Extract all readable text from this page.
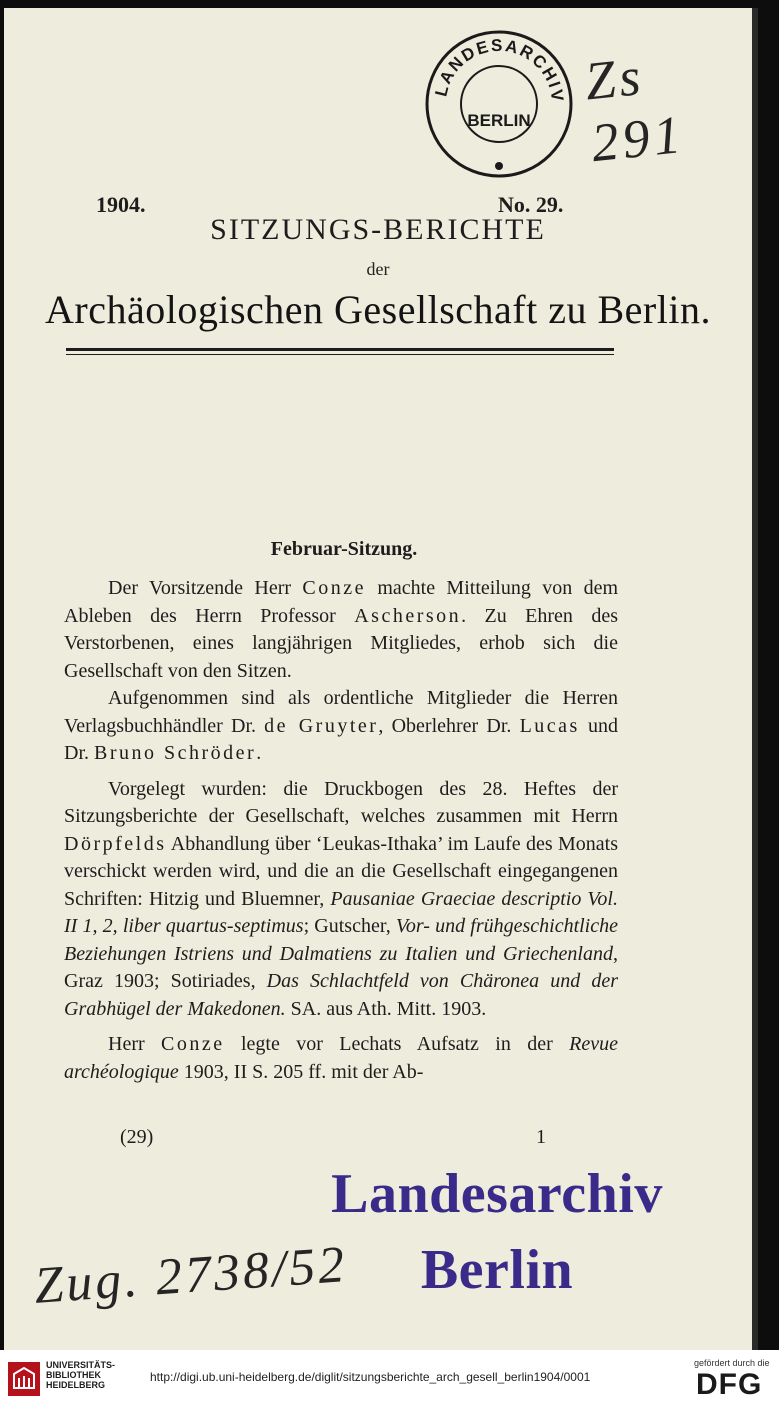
LANDESARCHIV
BERLIN
Zs 291
1904.	No. 29.
SITZUNGS-BERICHTE
der
Archäologischen Gesellschaft zu Berlin.
Februar-Sitzung.

Der Vorsitzende Herr Conze machte Mitteilung von dem Ableben des Herrn Professor Ascherson. Zu Ehren des Verstorbenen, eines langjährigen Mitgliedes, erhob sich die Gesellschaft von den Sitzen.

Aufgenommen sind als ordentliche Mitglieder die Herren Verlagsbuchhändler Dr. de Gruyter, Oberlehrer Dr. Lucas und Dr. Bruno Schröder.

Vorgelegt wurden: die Druckbogen des 28. Heftes der Sitzungsberichte der Gesellschaft, welches zusammen mit Herrn Dörpfelds Abhandlung über ‘Leukas-Ithaka’ im Laufe des Monats verschickt werden wird, und die an die Gesellschaft eingegangenen Schriften: Hitzig und Bluemner, Pausaniae Graeciae descriptio Vol. II 1, 2, liber quartus-septimus; Gutscher, Vor- und frühgeschichtliche Beziehungen Istriens und Dalmatiens zu Italien und Griechenland, Graz 1903; Sotiriades, Das Schlachtfeld von Chäronea und der Grabhügel der Makedonen. SA. aus Ath. Mitt. 1903.

Herr Conze legte vor Lechats Aufsatz in der Revue archéologique 1903, II S. 205 ff. mit der Ab-

(29)	1
Landesarchiv
Berlin
Zug. 2738/52
UNIVERSITÄTS-
BIBLIOTHEK
HEIDELBERG
http://digi.ub.uni-heidelberg.de/diglit/sitzungsberichte_arch_gesell_berlin1904/0001
gefördert durch die
DFG
